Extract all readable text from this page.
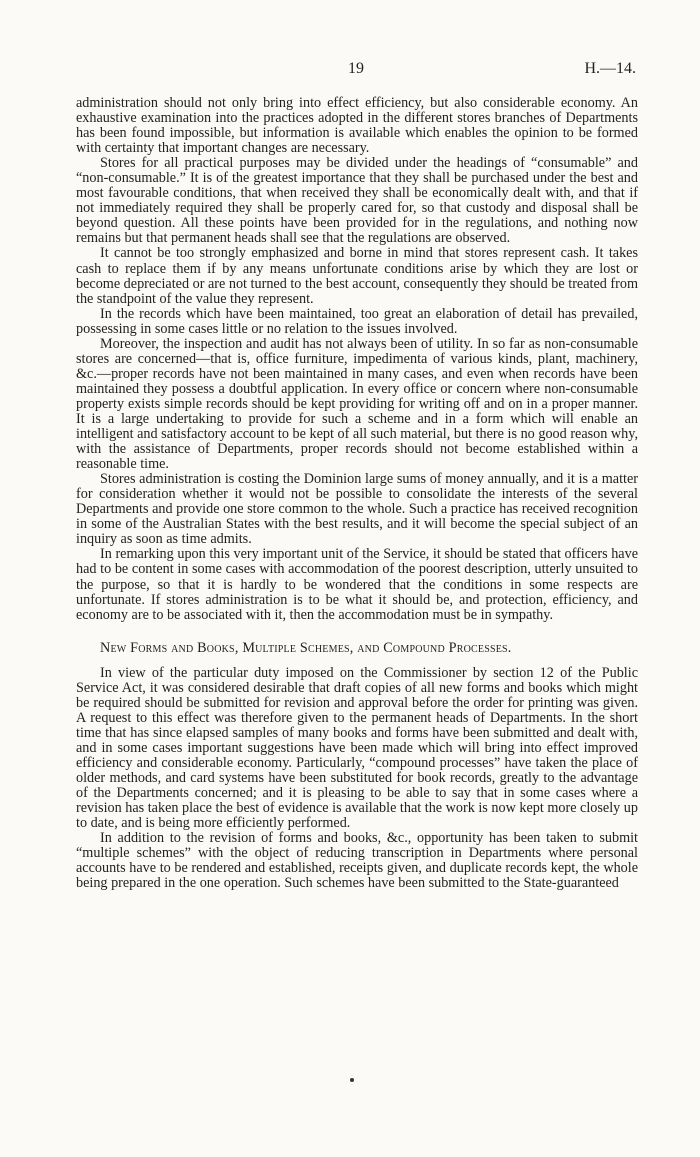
19	H.—14.

administration should not only bring into effect efficiency, but also considerable economy. An exhaustive examination into the practices adopted in the different stores branches of Departments has been found impossible, but information is available which enables the opinion to be formed with certainty that important changes are necessary.

Stores for all practical purposes may be divided under the headings of “consumable” and “non-consumable.” It is of the greatest importance that they shall be purchased under the best and most favourable conditions, that when received they shall be economically dealt with, and that if not immediately required they shall be properly cared for, so that custody and disposal shall be beyond question. All these points have been provided for in the regulations, and nothing now remains but that permanent heads shall see that the regulations are observed.

It cannot be too strongly emphasized and borne in mind that stores represent cash. It takes cash to replace them if by any means unfortunate conditions arise by which they are lost or become depreciated or are not turned to the best account, consequently they should be treated from the standpoint of the value they represent.

In the records which have been maintained, too great an elaboration of detail has prevailed, possessing in some cases little or no relation to the issues involved.

Moreover, the inspection and audit has not always been of utility. In so far as non-consumable stores are concerned—that is, office furniture, impedimenta of various kinds, plant, machinery, &c.—proper records have not been maintained in many cases, and even when records have been maintained they possess a doubtful application. In every office or concern where non-consumable property exists simple records should be kept providing for writing off and on in a proper manner. It is a large undertaking to provide for such a scheme and in a form which will enable an intelligent and satisfactory account to be kept of all such material, but there is no good reason why, with the assistance of Departments, proper records should not become established within a reasonable time.

Stores administration is costing the Dominion large sums of money annually, and it is a matter for consideration whether it would not be possible to consolidate the interests of the several Departments and provide one store common to the whole. Such a practice has received recognition in some of the Australian States with the best results, and it will become the special subject of an inquiry as soon as time admits.

In remarking upon this very important unit of the Service, it should be stated that officers have had to be content in some cases with accommodation of the poorest description, utterly unsuited to the purpose, so that it is hardly to be wondered that the conditions in some respects are unfortunate. If stores administration is to be what it should be, and protection, efficiency, and economy are to be associated with it, then the accommodation must be in sympathy.

New Forms and Books, Multiple Schemes, and Compound Processes.

In view of the particular duty imposed on the Commissioner by section 12 of the Public Service Act, it was considered desirable that draft copies of all new forms and books which might be required should be submitted for revision and approval before the order for printing was given. A request to this effect was therefore given to the permanent heads of Departments. In the short time that has since elapsed samples of many books and forms have been submitted and dealt with, and in some cases important suggestions have been made which will bring into effect improved efficiency and considerable economy. Particularly, “compound processes” have taken the place of older methods, and card systems have been substituted for book records, greatly to the advantage of the Departments concerned; and it is pleasing to be able to say that in some cases where a revision has taken place the best of evidence is available that the work is now kept more closely up to date, and is being more efficiently performed.

In addition to the revision of forms and books, &c., opportunity has been taken to submit “multiple schemes” with the object of reducing transcription in Departments where personal accounts have to be rendered and established, receipts given, and duplicate records kept, the whole being prepared in the one operation. Such schemes have been submitted to the State-guaranteed
